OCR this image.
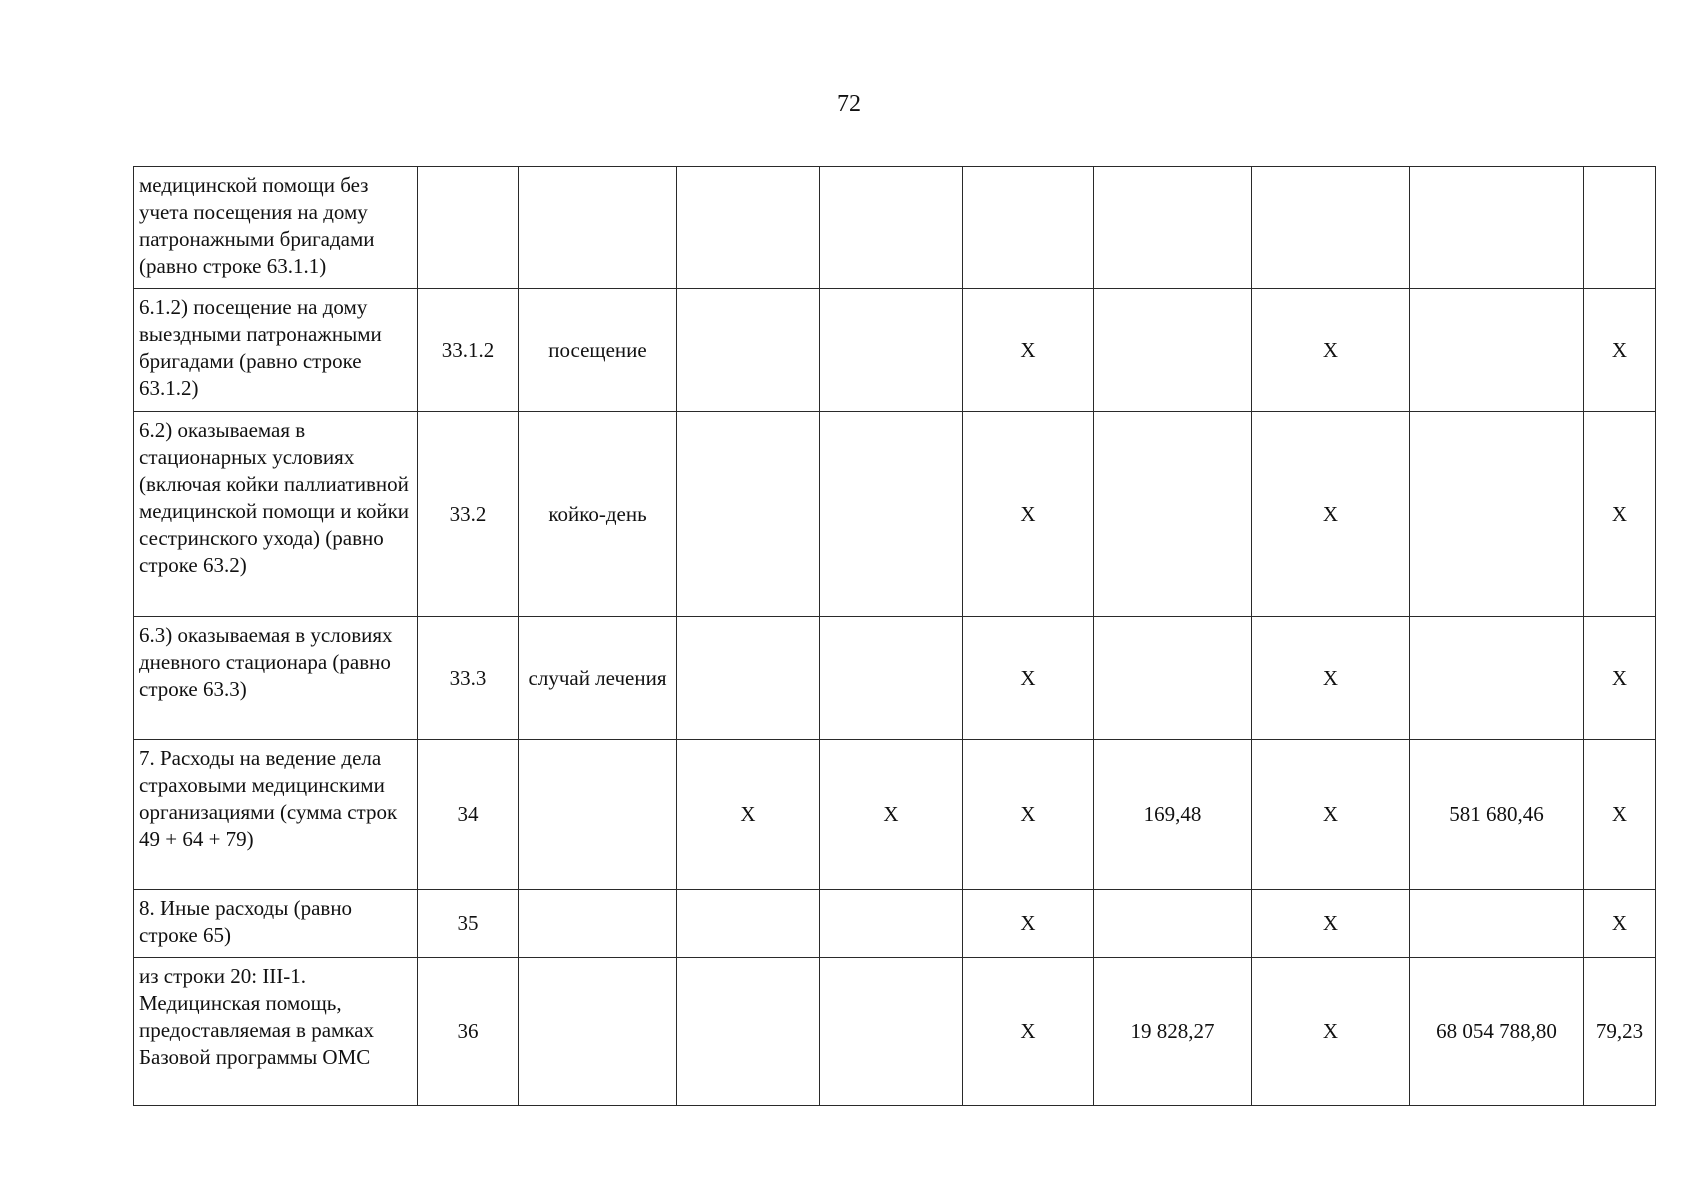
72
медицинской помощи без учета посещения на дому патронажными бригадами (равно строке 63.1.1)									
6.1.2) посещение на дому выездными патронажными бригадами (равно строке 63.1.2)	33.1.2	посещение			X		X		X
6.2) оказываемая в стационарных условиях (включая койки паллиативной медицинской помощи и койки сестринского ухода) (равно строке 63.2)	33.2	койко-день			X		X		X
6.3) оказываемая в условиях дневного стационара (равно строке 63.3)	33.3	случай лечения			X		X		X
7. Расходы на ведение дела страховыми медицинскими организациями (сумма строк 49 + 64 + 79)	34		X	X	X	169,48	X	581 680,46	X
8. Иные расходы (равно строке 65)	35				X		X		X
из строки 20: III-1. Медицинская помощь, предоставляемая в рамках Базовой программы ОМС	36				X	19 828,27	X	68 054 788,80	79,23
